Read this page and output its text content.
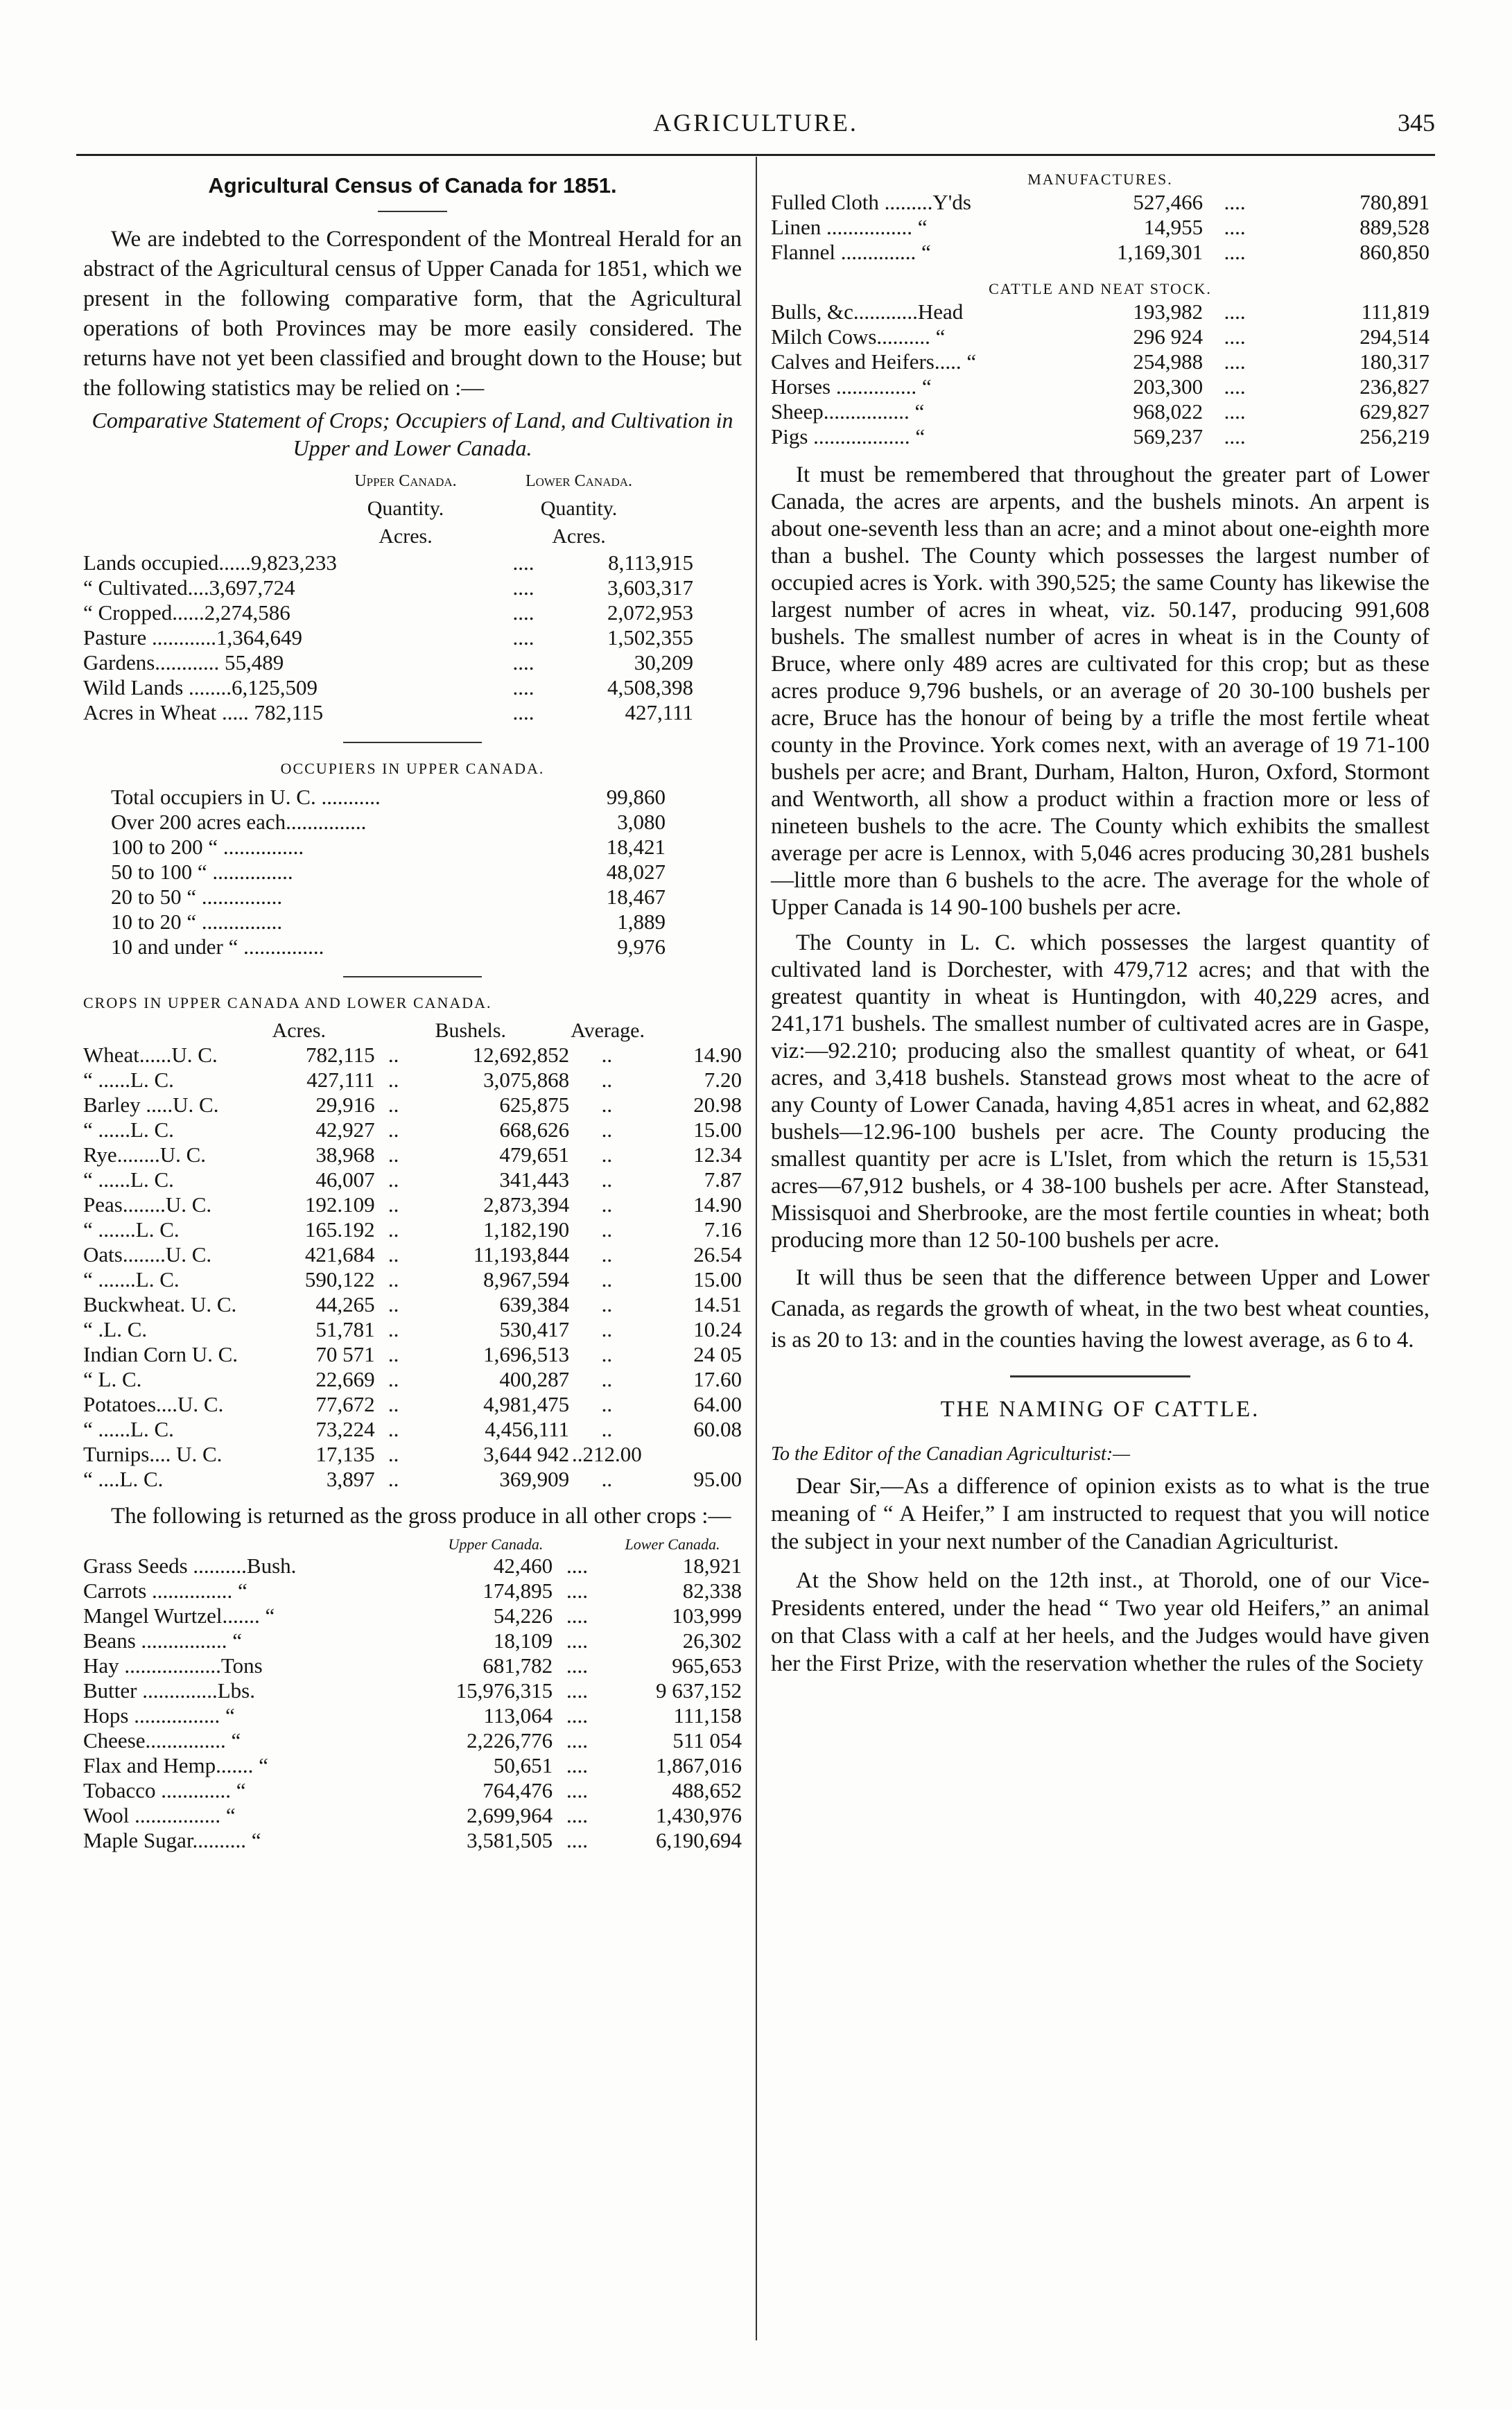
AGRICULTURE.	345
Agricultural Census of Canada for 1851.

We are indebted to the Correspondent of the Montreal Herald for an abstract of the Agricultural census of Upper Canada for 1851, which we present in the following comparative form, that the Agricultural operations of both Provinces may be more easily considered. The returns have not yet been classified and brought down to the House; but the following statistics may be relied on :—

Comparative Statement of Crops; Occupiers of Land, and Cultivation in Upper and Lower Canada.

Upper Canada.	Lower Canada.
Quantity.	Quantity.
Acres.	Acres.
Lands occupied......9,823,233	....	8,113,915
“ Cultivated....3,697,724	....	3,603,317
“ Cropped......2,274,586	....	2,072,953
Pasture ............1,364,649	....	1,502,355
Gardens............ 55,489	....	30,209
Wild Lands ........6,125,509	....	4,508,398
Acres in Wheat ..... 782,115	....	427,111
OCCUPIERS IN UPPER CANADA.
Total occupiers in U. C. ...........	99,860
Over 200 acres each...............	3,080
100 to 200 “ ...............	18,421
50 to 100 “ ...............	48,027
20 to 50 “ ...............	18,467
10 to 20 “ ...............	1,889
10 and under “ ...............	9,976
CROPS IN UPPER CANADA AND LOWER CANADA.
Acres.	Bushels.	Average.
Wheat......U. C.	782,115	..	12,692,852	..	14.90
“ ......L. C.	427,111	..	3,075,868	..	7.20
Barley .....U. C.	29,916	..	625,875	..	20.98
“ ......L. C.	42,927	..	668,626	..	15.00
Rye........U. C.	38,968	..	479,651	..	12.34
“ ......L. C.	46,007	..	341,443	..	7.87
Peas........U. C.	192.109	..	2,873,394	..	14.90
“ .......L. C.	165.192	..	1,182,190	..	7.16
Oats........U. C.	421,684	..	11,193,844	..	26.54
“ .......L. C.	590,122	..	8,967,594	..	15.00
Buckwheat. U. C.	44,265	..	639,384	..	14.51
“ .L. C.	51,781	..	530,417	..	10.24
Indian Corn U. C.	70 571	..	1,696,513	..	24 05
“ L. C.	22,669	..	400,287	..	17.60
Potatoes....U. C.	77,672	..	4,981,475	..	64.00
“ ......L. C.	73,224	..	4,456,111	..	60.08
Turnips.... U. C.	17,135	..	3,644 942	..212.00	
“ ....L. C.	3,897	..	369,909	..	95.00

The following is returned as the gross produce in all other crops :—

Upper Canada.	Lower Canada.
Grass Seeds ..........Bush.	42,460	....	18,921
Carrots ............... “	174,895	....	82,338
Mangel Wurtzel....... “	54,226	....	103,999
Beans ................ “	18,109	....	26,302
Hay ..................Tons	681,782	....	965,653
Butter ..............Lbs.	15,976,315	....	9 637,152
Hops ................ “	113,064	....	111,158
Cheese............... “	2,226,776	....	511 054
Flax and Hemp....... “	50,651	....	1,867,016
Tobacco ............. “	764,476	....	488,652
Wool ................ “	2,699,964	....	1,430,976
Maple Sugar.......... “	3,581,505	....	6,190,694
MANUFACTURES.
Fulled Cloth .........Y'ds	527,466	....	780,891
Linen ................ “	14,955	....	889,528
Flannel .............. “	1,169,301	....	860,850
CATTLE AND NEAT STOCK.
Bulls, &c............Head	193,982	....	111,819
Milch Cows.......... “	296 924	....	294,514
Calves and Heifers..... “	254,988	....	180,317
Horses ............... “	203,300	....	236,827
Sheep................ “	968,022	....	629,827
Pigs .................. “	569,237	....	256,219

It must be remembered that throughout the greater part of Lower Canada, the acres are arpents, and the bushels minots. An arpent is about one-seventh less than an acre; and a minot about one-eighth more than a bushel. The County which possesses the largest number of occupied acres is York. with 390,525; the same County has likewise the largest number of acres in wheat, viz. 50.147, producing 991,608 bushels. The smallest number of acres in wheat is in the County of Bruce, where only 489 acres are cultivated for this crop; but as these acres produce 9,796 bushels, or an average of 20 30-100 bushels per acre, Bruce has the honour of being by a trifle the most fertile wheat county in the Province. York comes next, with an average of 19 71-100 bushels per acre; and Brant, Durham, Halton, Huron, Oxford, Stormont and Wentworth, all show a product within a fraction more or less of nineteen bushels to the acre. The County which exhibits the smallest average per acre is Lennox, with 5,046 acres producing 30,281 bushels—little more than 6 bushels to the acre. The average for the whole of Upper Canada is 14 90-100 bushels per acre.

The County in L. C. which possesses the largest quantity of cultivated land is Dorchester, with 479,712 acres; and that with the greatest quantity in wheat is Huntingdon, with 40,229 acres, and 241,171 bushels. The smallest number of cultivated acres are in Gaspe, viz:—92.210; producing also the smallest quantity of wheat, or 641 acres, and 3,418 bushels. Stanstead grows most wheat to the acre of any County of Lower Canada, having 4,851 acres in wheat, and 62,882 bushels—12.96-100 bushels per acre. The County producing the smallest quantity per acre is L'Islet, from which the return is 15,531 acres—67,912 bushels, or 4 38-100 bushels per acre. After Stanstead, Missisquoi and Sherbrooke, are the most fertile counties in wheat; both producing more than 12 50-100 bushels per acre.

It will thus be seen that the difference between Upper and Lower Canada, as regards the growth of wheat, in the two best wheat counties, is as 20 to 13: and in the counties having the lowest average, as 6 to 4.

THE NAMING OF CATTLE.

To the Editor of the Canadian Agriculturist:—

Dear Sir,—As a difference of opinion exists as to what is the true meaning of “ A Heifer,” I am instructed to request that you will notice the subject in your next number of the Canadian Agriculturist.

At the Show held on the 12th inst., at Thorold, one of our Vice-Presidents entered, under the head “ Two year old Heifers,” an animal on that Class with a calf at her heels, and the Judges would have given her the First Prize, with the reservation whether the rules of the Society
